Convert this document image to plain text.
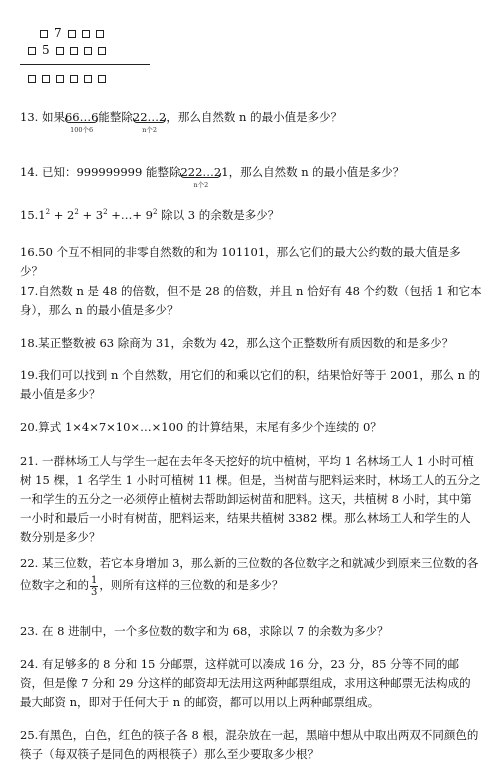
7
5
13. 如果66…6
100个6
能整除22…2
n个2
，那么自然数 n 的最小值是多少？
14. 已知：999999999 能整除222…2
n个2
1，那么自然数 n 的最小值是多少？
$15.1^2 + 2^2 + 3^2$ +…+ $9^2$ 除以 3 的余数是多少？

16.50 个互不相同的非零自然数的和为 101101，那么它们的最大公约数的最大值是多少？

17.自然数 n 是 48 的倍数，但不是 28 的倍数，并且 n 恰好有 48 个约数（包括 1 和它本身），那么 n 的最小值是多少？

18.某正整数被 63 除商为 31，余数为 42，那么这个正整数所有质因数的和是多少？

19.我们可以找到 n 个自然数，用它们的和乘以它们的积，结果恰好等于 2001，那么 n 的最小值是多少？

20.算式 1×4×7×10×…×100 的计算结果，末尾有多少个连续的 0？

21. 一群林场工人与学生一起在去年冬天挖好的坑中植树，平均 1 名林场工人 1 小时可植树 15 棵，1 名学生 1 小时可植树 11 棵。但是，当树苗与肥料运来时，林场工人的五分之一和学生的五分之一必须停止植树去帮助卸运树苗和肥料。这天，共植树 8 小时，其中第一小时和最后一小时有树苗，肥料运来，结果共植树 3382 棵。那么林场工人和学生的人数分别是多少？

22. 某三位数，若它本身增加 3，那么新的三位数的各位数字之和就减少到原来三位数的各位数字之和的 $\frac{1}{3}$ ，则所有这样的三位数的和是多少？

23. 在 8 进制中，一个多位数的数字和为 68，求除以 7 的余数为多少？

24. 有足够多的 8 分和 15 分邮票，这样就可以凑成 16 分，23 分，85 分等不同的邮资，但是像 7 分和 29 分这样的邮资却无法用这两种邮票组成，求用这种邮票无法构成的最大邮资 n，即对于任何大于 n 的邮资，都可以用以上两种邮票组成。

25.有黑色，白色，红色的筷子各 8 根，混杂放在一起，黑暗中想从中取出两双不同颜色的筷子（每双筷子是同色的两根筷子）那么至少要取多少根？
